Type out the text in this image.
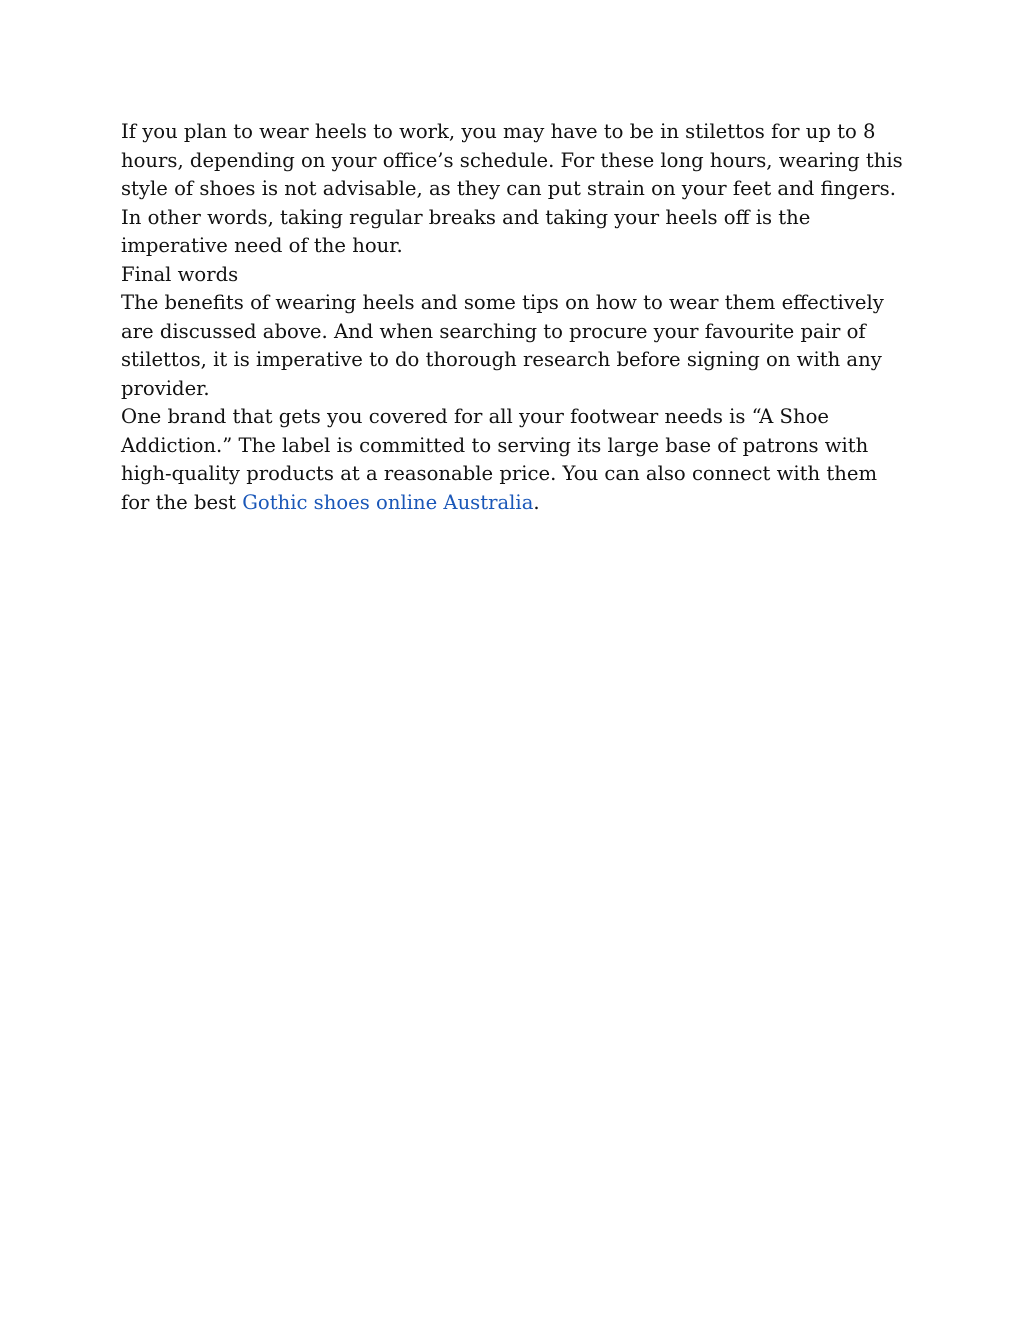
If you plan to wear heels to work, you may have to be in stilettos for up to 8 hours, depending on your office’s schedule. For these long hours, wearing this style of shoes is not advisable, as they can put strain on your feet and fingers. In other words, taking regular breaks and taking your heels off is the imperative need of the hour.

Final words

The benefits of wearing heels and some tips on how to wear them effectively are discussed above. And when searching to procure your favourite pair of stilettos, it is imperative to do thorough research before signing on with any provider.

One brand that gets you covered for all your footwear needs is “A Shoe Addiction.” The label is committed to serving its large base of patrons with high-quality products at a reasonable price. You can also connect with them for the best Gothic shoes online Australia.
